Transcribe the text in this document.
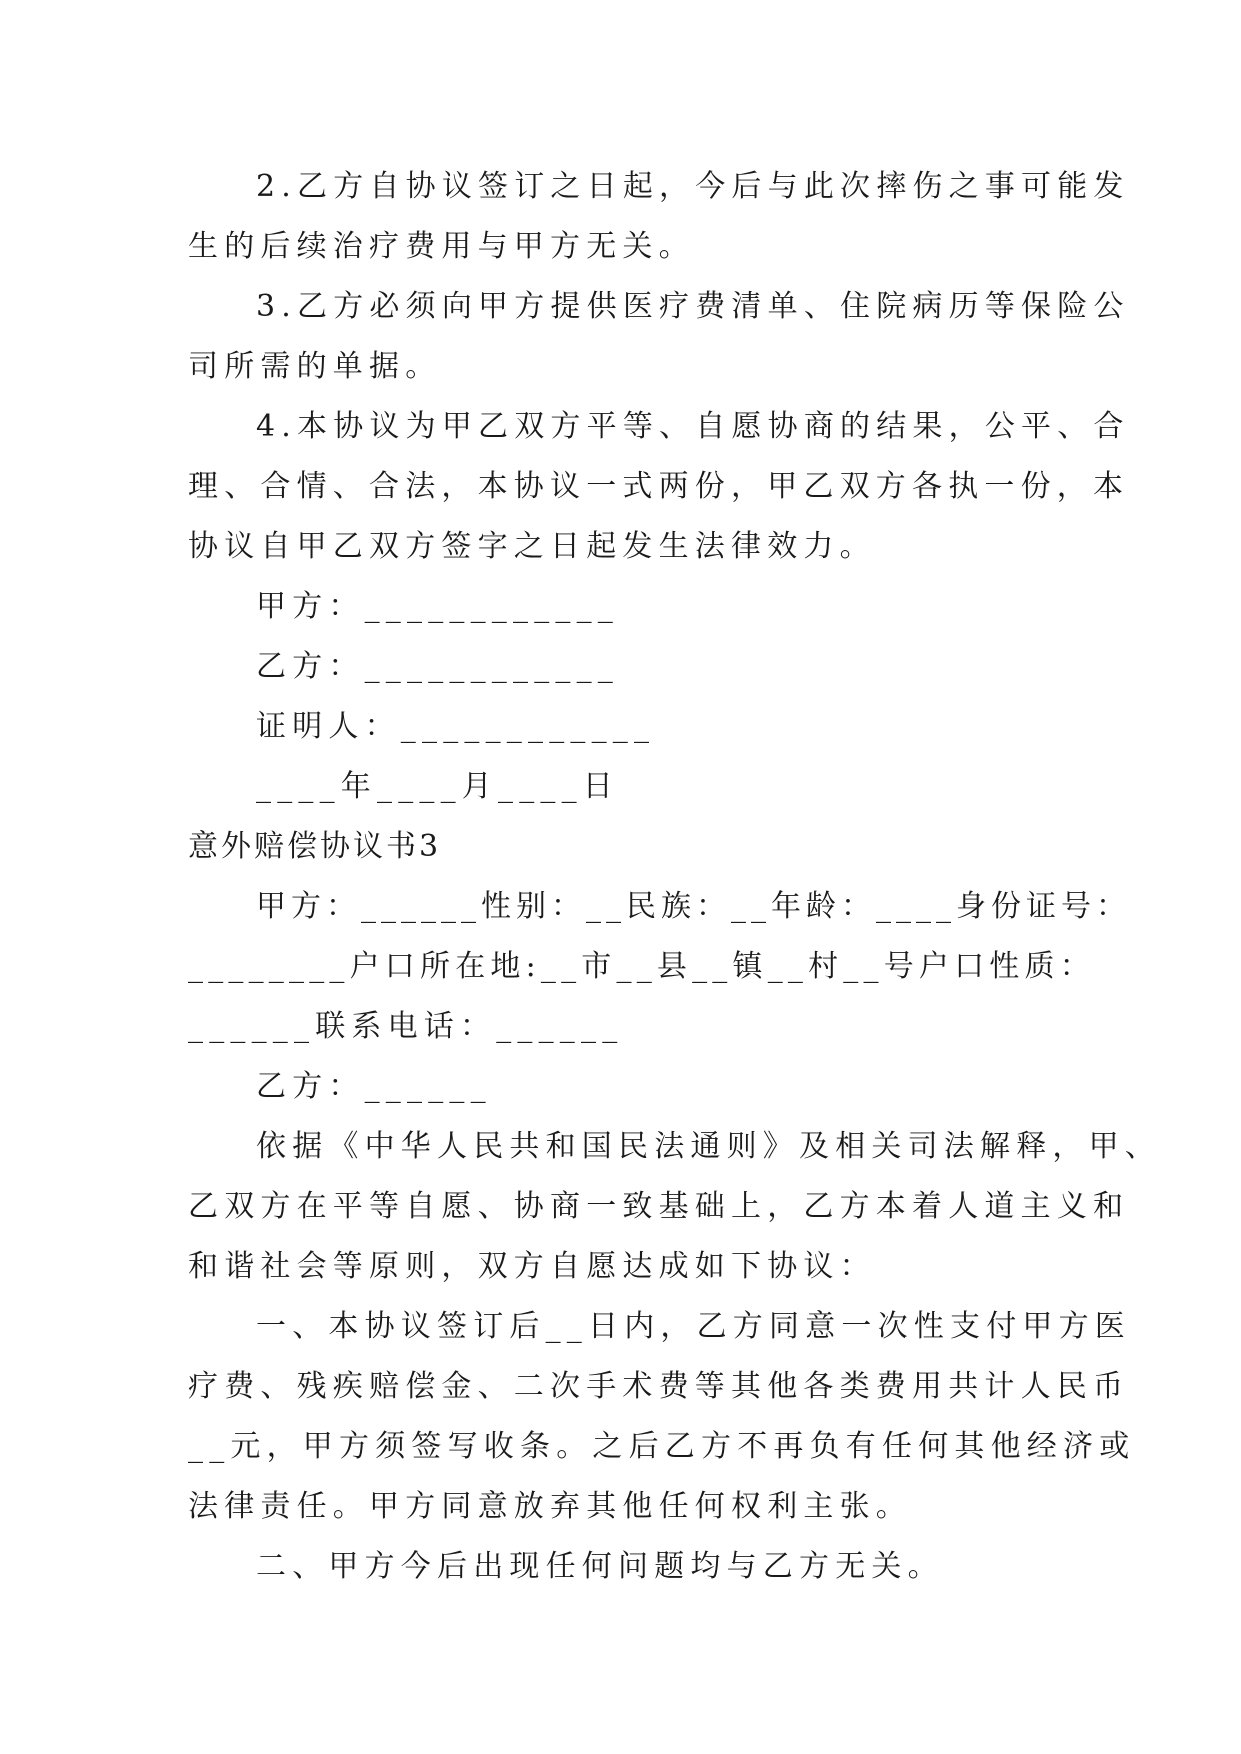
2.乙方自协议签订之日起，今后与此次摔伤之事可能发
生的后续治疗费用与甲方无关。
3.乙方必须向甲方提供医疗费清单、住院病历等保险公
司所需的单据。
4.本协议为甲乙双方平等、自愿协商的结果，公平、合
理、合情、合法，本协议一式两份，甲乙双方各执一份，本
协议自甲乙双方签字之日起发生法律效力。
甲方：____________
乙方：____________
证明人：____________
____年____月____日
意外赔偿协议书3
甲方：______性别：__民族：__年龄：____身份证号：
________户口所在地:__市__县__镇__村__号户口性质：
______联系电话：______
乙方：______
依据《中华人民共和国民法通则》及相关司法解释，甲、
乙双方在平等自愿、协商一致基础上，乙方本着人道主义和
和谐社会等原则，双方自愿达成如下协议：
一、本协议签订后__日内，乙方同意一次性支付甲方医
疗费、残疾赔偿金、二次手术费等其他各类费用共计人民币
__元，甲方须签写收条。之后乙方不再负有任何其他经济或
法律责任。甲方同意放弃其他任何权利主张。
二、甲方今后出现任何问题均与乙方无关。
